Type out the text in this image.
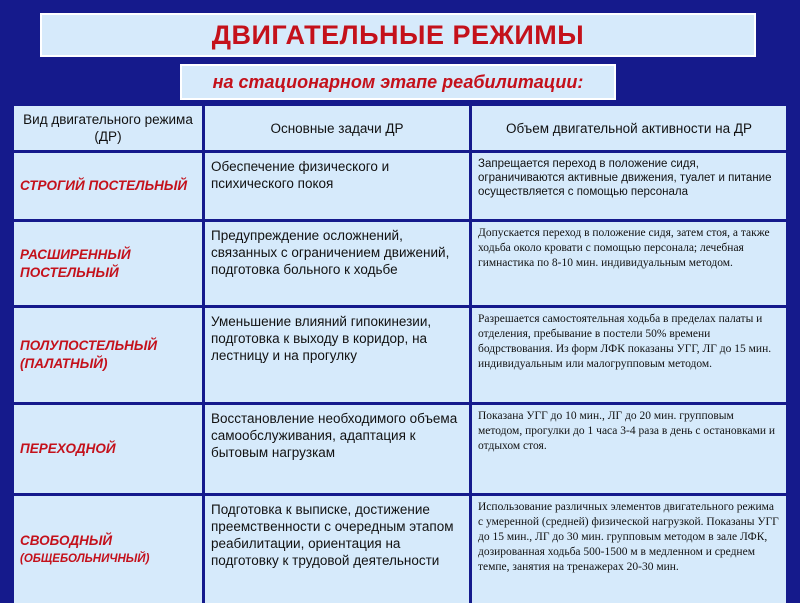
ДВИГАТЕЛЬНЫЕ РЕЖИМЫ
на стационарном этапе реабилитации:
Вид двигательного режима (ДР)
Основные задачи ДР	Объем двигательной активности на ДР
СТРОГИЙ ПОСТЕЛЬНЫЙ
Обеспечение физического и психического покоя
Запрещается переход в положение сидя, ограничиваются активные движения, туалет и питание осуществляется с помощью персонала
РАСШИРЕННЫЙ ПОСТЕЛЬНЫЙ
Предупреждение осложнений, связанных с ограничением движений, подготовка больного к ходьбе
Допускается переход в положение сидя, затем стоя, а также ходьба около кровати с помощью персонала; лечебная гимнастика по 8-10 мин. индивидуальным методом.
ПОЛУПОСТЕЛЬНЫЙ
(ПАЛАТНЫЙ)
Уменьшение влияний гипокинезии, подготовка к выходу в коридор, на лестницу и на прогулку
Разрешается самостоятельная ходьба в пределах палаты и отделения, пребывание в постели 50% времени бодрствования. Из форм ЛФК показаны УГГ, ЛГ до 15 мин. индивидуальным или малогрупповым методом.
ПЕРЕХОДНОЙ
Восстановление необходимого объема самообслуживания, адаптация к бытовым нагрузкам
Показана УГГ до 10 мин., ЛГ до 20 мин. групповым методом, прогулки до 1 часа 3-4 раза в день с остановками и отдыхом стоя.
СВОБОДНЫЙ
(ОБЩЕБОЛЬНИЧНЫЙ)
Подготовка к выписке, достижение преемственности с очередным этапом реабилитации, ориентация на подготовку к трудовой деятельности
Использование различных элементов двигательного режима с умеренной (средней) физической нагрузкой. Показаны УГГ до 15 мин., ЛГ до 30 мин. групповым методом в зале ЛФК, дозированная ходьба 500-1500 м в медленном и среднем темпе, занятия на тренажерах 20-30 мин.
